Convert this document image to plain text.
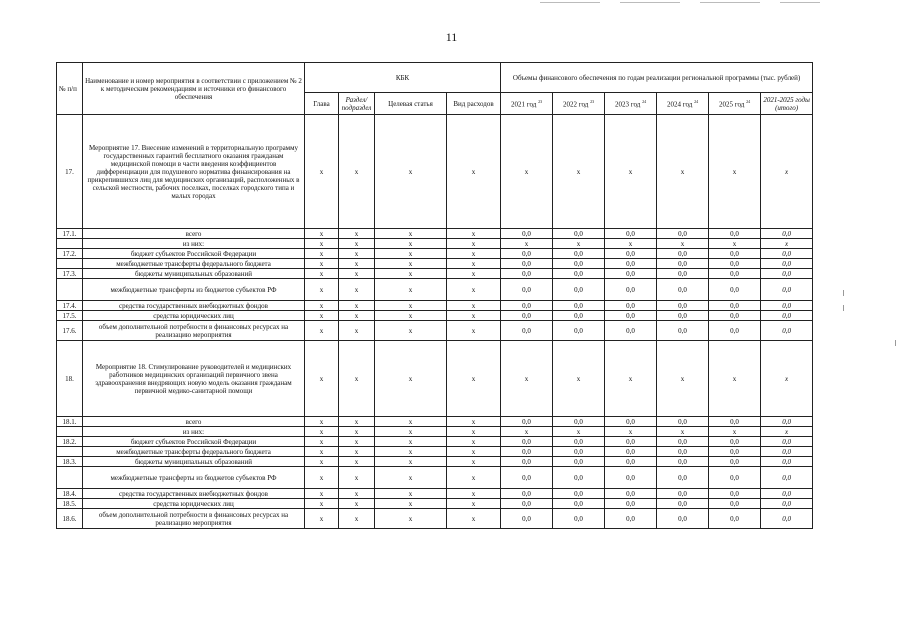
11
№ п/п	Наименование и номер мероприятия в соответствии с приложением № 2 к методическим рекомендациям и источники его финансового обеспечения	КБК				Объемы финансового обеспечения по годам реализации региональной программы (тыс. рублей)					
		Глава	Раздел/ подраздел	Целевая статья	Вид расходов	2021 год $^{23}$	2022 год $^{23}$	2023 год $^{24}$	2024 год $^{24}$	2025 год $^{24}$	2021-2025 годы (итого)
17.	Мероприятие 17. Внесение изменений в территориальную программу государственных гарантий бесплатного оказания гражданам медицинской помощи в части введения коэффициентов дифференциации для подушевого норматива финансирования на прикрепившихся лиц для медицинских организаций, расположенных в сельской местности, рабочих поселках, поселках городского типа и малых городах	х	х	х	х	х	х	х	х	х	х
17.1.	всего	х	х	х	х	0,0	0,0	0,0	0,0	0,0	0,0
	из них:	х	х	х	х	х	х	х	х	х	х
17.2.	бюджет субъектов Российской Федерации	х	х	х	х	0,0	0,0	0,0	0,0	0,0	0,0
	межбюджетные трансферты федерального бюджета	х	х	х	х	0,0	0,0	0,0	0,0	0,0	0,0
17.3.	бюджеты муниципальных образований	х	х	х	х	0,0	0,0	0,0	0,0	0,0	0,0
	межбюджетные трансферты из бюджетов субъектов РФ	х	х	х	х	0,0	0,0	0,0	0,0	0,0	0,0
17.4.	средства государственных внебюджетных фондов	х	х	х	х	0,0	0,0	0,0	0,0	0,0	0,0
17.5.	средства юридических лиц	х	х	х	х	0,0	0,0	0,0	0,0	0,0	0,0
17.6.	объем дополнительной потребности в финансовых ресурсах на реализацию мероприятия	х	х	х	х	0,0	0,0	0,0	0,0	0,0	0,0
18.	Мероприятие 18. Стимулирование руководителей и медицинских работников медицинских организаций первичного звена здравоохранения внедряющих новую модель оказания гражданам первичной медико-санитарной помощи	х	х	х	х	х	х	х	х	х	х
18.1.	всего	х	х	х	х	0,0	0,0	0,0	0,0	0,0	0,0
	из них:	х	х	х	х	х	х	х	х	х	х
18.2.	бюджет субъектов Российской Федерации	х	х	х	х	0,0	0,0	0,0	0,0	0,0	0,0
	межбюджетные трансферты федерального бюджета	х	х	х	х	0,0	0,0	0,0	0,0	0,0	0,0
18.3.	бюджеты муниципальных образований	х	х	х	х	0,0	0,0	0,0	0,0	0,0	0,0
	межбюджетные трансферты из бюджетов субъектов РФ	х	х	х	х	0,0	0,0	0,0	0,0	0,0	0,0
18.4.	средства государственных внебюджетных фондов	х	х	х	х	0,0	0,0	0,0	0,0	0,0	0,0
18.5.	средства юридических лиц	х	х	х	х	0,0	0,0	0,0	0,0	0,0	0,0
18.6.	объем дополнительной потребности в финансовых ресурсах на реализацию мероприятия	х	х	х	х	0,0	0,0	0,0	0,0	0,0	0,0
